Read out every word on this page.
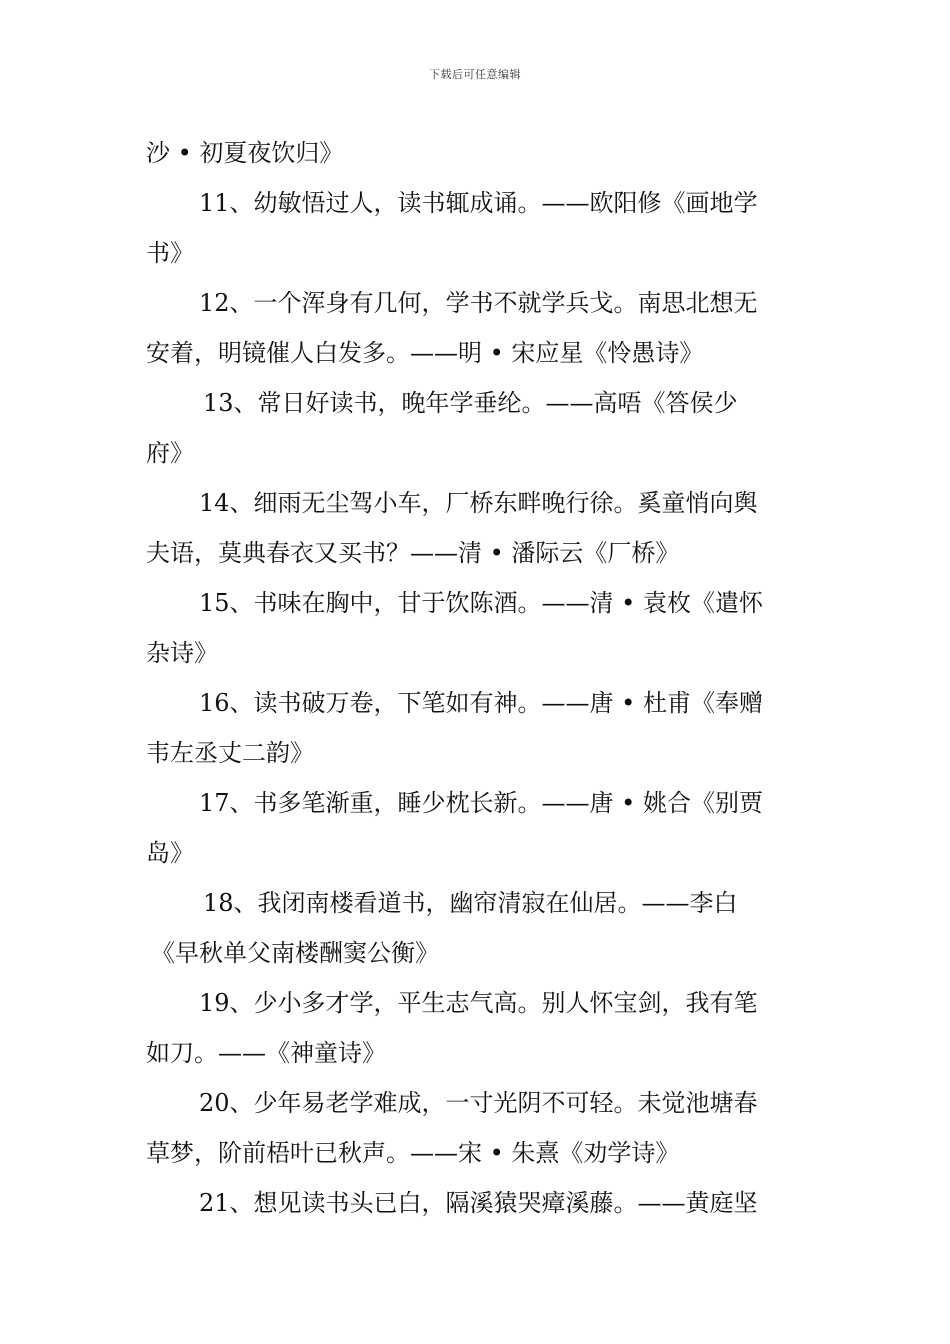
下载后可任意编辑
沙 • 初夏夜饮归》
11、幼敏悟过人，读书辄成诵。——欧阳修《画地学
书》
12、一个浑身有几何，学书不就学兵戈。南思北想无
安着，明镜催人白发多。——明 • 宋应星《怜愚诗》
13、常日好读书，晚年学垂纶。——高唔《答侯少
府》
14、细雨无尘驾小车，厂桥东畔晚行徐。奚童悄向舆
夫语，莫典春衣又买书？——清 • 潘际云《厂桥》
15、书味在胸中，甘于饮陈酒。——清 • 袁枚《遣怀
杂诗》
16、读书破万卷，下笔如有神。——唐 • 杜甫《奉赠
韦左丞丈二韵》
17、书多笔渐重，睡少枕长新。——唐 • 姚合《别贾
岛》
18、我闭南楼看道书，幽帘清寂在仙居。——李白
《早秋单父南楼酬窦公衡》
19、少小多才学，平生志气高。别人怀宝剑，我有笔
如刀。——《神童诗》
20、少年易老学难成，一寸光阴不可轻。未觉池塘春
草梦，阶前梧叶已秋声。——宋 • 朱熹《劝学诗》
21、想见读书头已白，隔溪猿哭瘴溪藤。——黄庭坚
